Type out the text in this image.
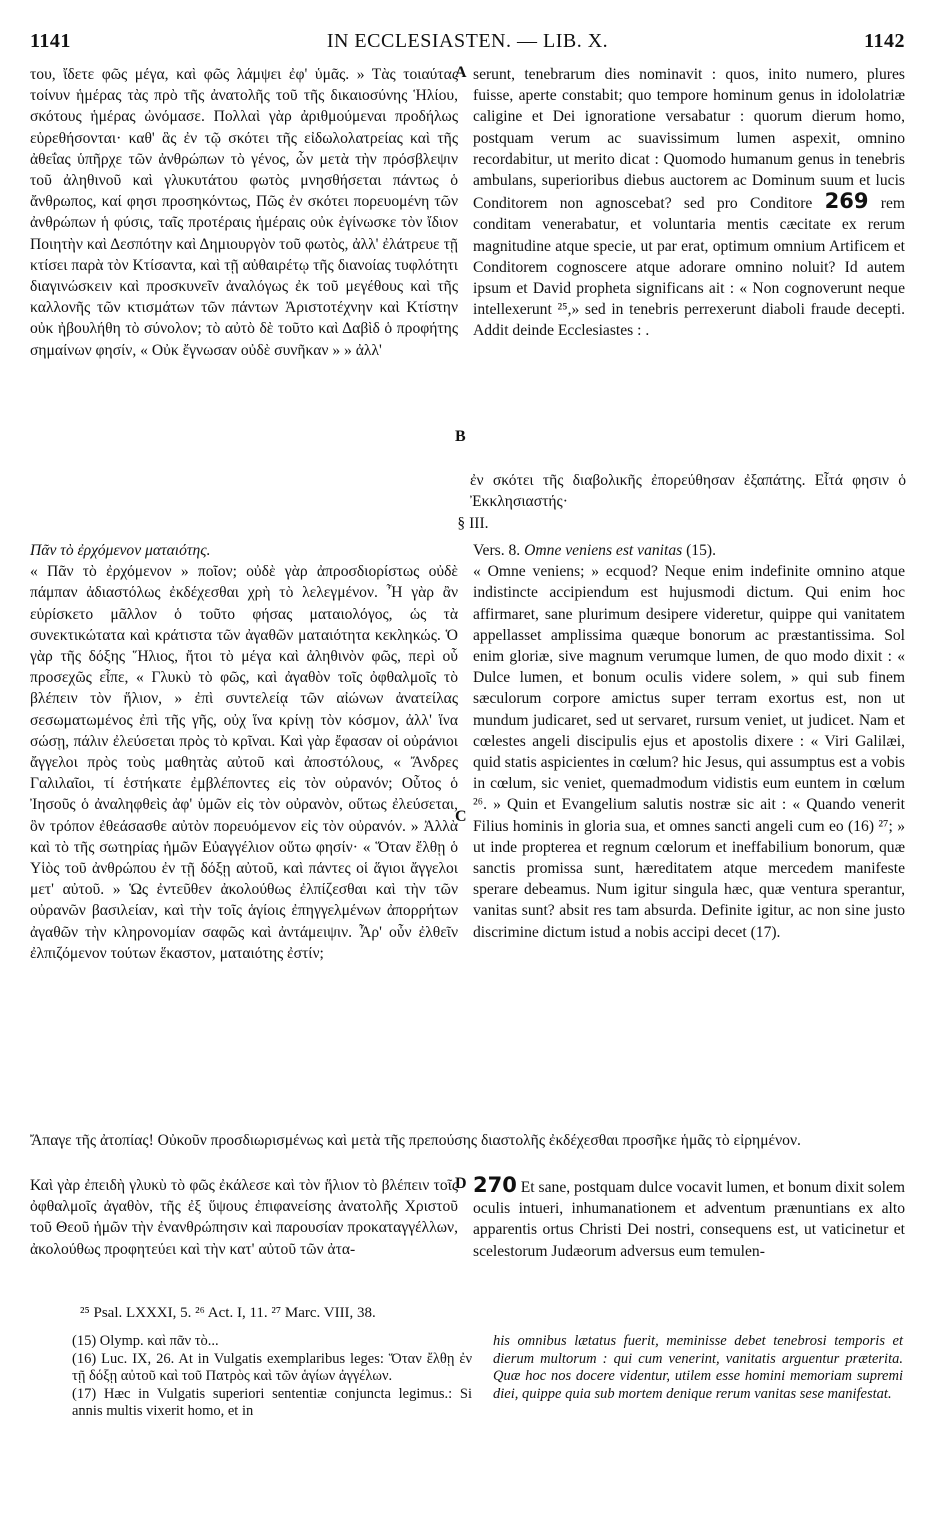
1141	IN ECCLESIASTEN. — LIB. X.	1142

του, ἴδετε φῶς μέγα, καὶ φῶς λάμψει ἐφ' ὑμᾶς. » Τὰς τοιαύτας τοίνυν ἡμέρας τὰς πρὸ τῆς ἀνατολῆς τοῦ τῆς δικαιοσύνης Ἡλίου, σκότους ἡμέρας ὠνόμασε. Πολλαὶ γὰρ ἀριθμούμεναι προδήλως εὑρεθήσονται· καθ' ἃς ἐν τῷ σκότει τῆς εἰδωλολατρείας καὶ τῆς ἀθεΐας ὑπῆρχε τῶν ἀνθρώπων τὸ γένος, ὧν μετὰ τὴν πρόσβλεψιν τοῦ ἀληθινοῦ καὶ γλυκυτάτου φωτὸς μνησθήσεται πάντως ὁ ἄνθρωπος, καί φησι προσηκόντως, Πῶς ἐν σκότει πορευομένη τῶν ἀνθρώπων ἡ φύσις, ταῖς προτέραις ἡμέραις οὐκ ἐγίνωσκε τὸν ἴδιον Ποιητὴν καὶ Δεσπότην καὶ Δημιουργὸν τοῦ φωτὸς, ἀλλ' ἐλάτρευε τῇ κτίσει παρὰ τὸν Κτίσαντα, καὶ τῇ αὐθαιρέτῳ τῆς διανοίας τυφλότητι διαγινώσκειν καὶ προσκυνεῖν ἀναλόγως ἐκ τοῦ μεγέθους καὶ τῆς καλλονῆς τῶν κτισμάτων τῶν πάντων Ἀριστοτέχνην καὶ Κτίστην οὐκ ἠβουλήθη τὸ σύνολον; τὸ αὐτὸ δὲ τοῦτο καὶ Δαβὶδ ὁ προφήτης σημαίνων φησίν, « Οὐκ ἔγνωσαν οὐδὲ συνῆκαν » » ἀλλ'

A
B

serunt, tenebrarum dies nominavit : quos, inito numero, plures fuisse, aperte constabit; quo tempore hominum genus in idololatriæ caligine et Dei ignoratione versabatur : quorum dierum homo, postquam verum ac suavissimum lumen aspexit, omnino recordabitur, ut merito dicat : Quomodo humanum genus in tenebris ambulans, superioribus diebus auctorem ac Dominum suum et lucis Conditorem non agnoscebat? sed pro Conditore 269 rem conditam venerabatur, et voluntaria mentis cæcitate ex rerum magnitudine atque specie, ut par erat, optimum omnium Artificem et Conditorem cognoscere atque adorare omnino noluit? Id autem ipsum et David propheta significans ait : « Non cognoverunt neque intellexerunt ²⁵,» sed in tenebris perrexerunt diaboli fraude decepti. Addit deinde Ecclesiastes : .

ἐν σκότει τῆς διαβολικῆς ἐπορεύθησαν ἐξαπάτης. Εἶτά φησιν ὁ Ἐκκλησιαστής·

§ III.

Πᾶν τὸ ἐρχόμενον ματαιότης.

« Πᾶν τὸ ἐρχόμενον » ποῖον; οὐδὲ γὰρ ἀπροσδιορίστως οὐδὲ πάμπαν ἀδιαστόλως ἐκδέχεσθαι χρὴ τὸ λελεγμένον. Ἦ γὰρ ἂν εὑρίσκετο μᾶλλον ὁ τοῦτο φήσας ματαιολόγος, ὡς τὰ συνεκτικώτατα καὶ κράτιστα τῶν ἀγαθῶν ματαιότητα κεκληκώς. Ὁ γὰρ τῆς δόξης Ἥλιος, ἤτοι τὸ μέγα καὶ ἀληθινὸν φῶς, περὶ οὗ προσεχῶς εἶπε, « Γλυκὺ τὸ φῶς, καὶ ἀγαθὸν τοῖς ὀφθαλμοῖς τὸ βλέπειν τὸν ἥλιον, » ἐπὶ συντελείᾳ τῶν αἰώνων ἀνατείλας σεσωματωμένος ἐπὶ τῆς γῆς, οὐχ ἵνα κρίνῃ τὸν κόσμον, ἀλλ' ἵνα σώσῃ, πάλιν ἐλεύσεται πρὸς τὸ κρῖναι. Καὶ γὰρ ἔφασαν οἱ οὐράνιοι ἄγγελοι πρὸς τοὺς μαθητὰς αὐτοῦ καὶ ἀποστόλους, « Ἄνδρες Γαλιλαῖοι, τί ἑστήκατε ἐμβλέποντες εἰς τὸν οὐρανόν; Οὗτος ὁ Ἰησοῦς ὁ ἀναληφθεὶς ἀφ' ὑμῶν εἰς τὸν οὐρανὸν, οὕτως ἐλεύσεται, ὃν τρόπον ἐθεάσασθε αὐτὸν πορευόμενον εἰς τὸν οὐρανόν. » Ἀλλὰ καὶ τὸ τῆς σωτηρίας ἡμῶν Εὐαγγέλιον οὕτω φησίν· « Ὅταν ἔλθῃ ὁ Υἱὸς τοῦ ἀνθρώπου ἐν τῇ δόξῃ αὐτοῦ, καὶ πάντες οἱ ἅγιοι ἄγγελοι μετ' αὐτοῦ. » Ὡς ἐντεῦθεν ἀκολούθως ἐλπίζεσθαι καὶ τὴν τῶν οὐρανῶν βασιλείαν, καὶ τὴν τοῖς ἁγίοις ἐπηγγελμένων ἀπορρήτων ἀγαθῶν τὴν κληρονομίαν σαφῶς καὶ ἀντάμειψιν. Ἆρ' οὖν ἐλθεῖν ἐλπιζόμενον τούτων ἕκαστον, ματαιότης ἐστίν;

C

Vers. 8. Omne veniens est vanitas (15).

« Omne veniens; » ecquod? Neque enim indefinite omnino atque indistincte accipiendum est hujusmodi dictum. Qui enim hoc affirmaret, sane plurimum desipere videretur, quippe qui vanitatem appellasset amplissima quæque bonorum ac præstantissima. Sol enim gloriæ, sive magnum verumque lumen, de quo modo dixit : « Dulce lumen, et bonum oculis videre solem, » qui sub finem sæculorum corpore amictus super terram exortus est, non ut mundum judicaret, sed ut servaret, rursum veniet, ut judicet. Nam et cœlestes angeli discipulis ejus et apostolis dixere : « Viri Galilæi, quid statis aspicientes in cœlum? hic Jesus, qui assumptus est a vobis in cœlum, sic veniet, quemadmodum vidistis eum euntem in cœlum ²⁶. » Quin et Evangelium salutis nostræ sic ait : « Quando venerit Filius hominis in gloria sua, et omnes sancti angeli cum eo (16) ²⁷; » ut inde propterea et regnum cœlorum et ineffabilium bonorum, quæ sanctis promissa sunt, hæreditatem atque mercedem manifeste sperare debeamus. Num igitur singula hæc, quæ ventura sperantur, vanitas sunt? absit res tam absurda. Definite igitur, ac non sine justo discrimine dictum istud a nobis accipi decet (17).

Ἄπαγε τῆς ἀτοπίας! Οὐκοῦν προσδιωρισμένως καὶ μετὰ τῆς πρεπούσης διαστολῆς ἐκδέχεσθαι προσῆκε ἡμᾶς τὸ εἰρημένον.

Καὶ γὰρ ἐπειδὴ γλυκὺ τὸ φῶς ἐκάλεσε καὶ τὸν ἥλιον τὸ βλέπειν τοῖς ὀφθαλμοῖς ἀγαθὸν, τῆς ἐξ ὕψους ἐπιφανείσης ἀνατολῆς Χριστοῦ τοῦ Θεοῦ ἡμῶν τὴν ἐνανθρώπησιν καὶ παρουσίαν προκαταγγέλλων, ἀκολούθως προφητεύει καὶ τὴν κατ' αὐτοῦ τῶν ἀτα-

D 270 Et sane, postquam dulce vocavit lumen, et bonum dixit solem oculis intueri, inhumanationem et adventum prænuntians ex alto apparentis ortus Christi Dei nostri, consequens est, ut vaticinetur et scelestorum Judæorum adversus eum temulen-

²⁵ Psal. LXXXI, 5. ²⁶ Act. I, 11. ²⁷ Marc. VIII, 38.

(15) Olymp. καὶ πᾶν τὸ...

(16) Luc. IX, 26. At in Vulgatis exemplaribus leges: Ὅταν ἔλθῃ ἐν τῇ δόξῃ αὐτοῦ καὶ τοῦ Πατρὸς καὶ τῶν ἁγίων ἀγγέλων.

(17) Hæc in Vulgatis superiori sententiæ conjuncta legimus.: Si annis multis vixerit homo, et in

his omnibus lætatus fuerit, meminisse debet tenebrosi temporis et dierum multorum : qui cum venerint, vanitatis arguentur præterita. Quæ hoc nos docere videntur, utilem esse homini memoriam supremi diei, quippe quia sub mortem denique rerum vanitas sese manifestat.
